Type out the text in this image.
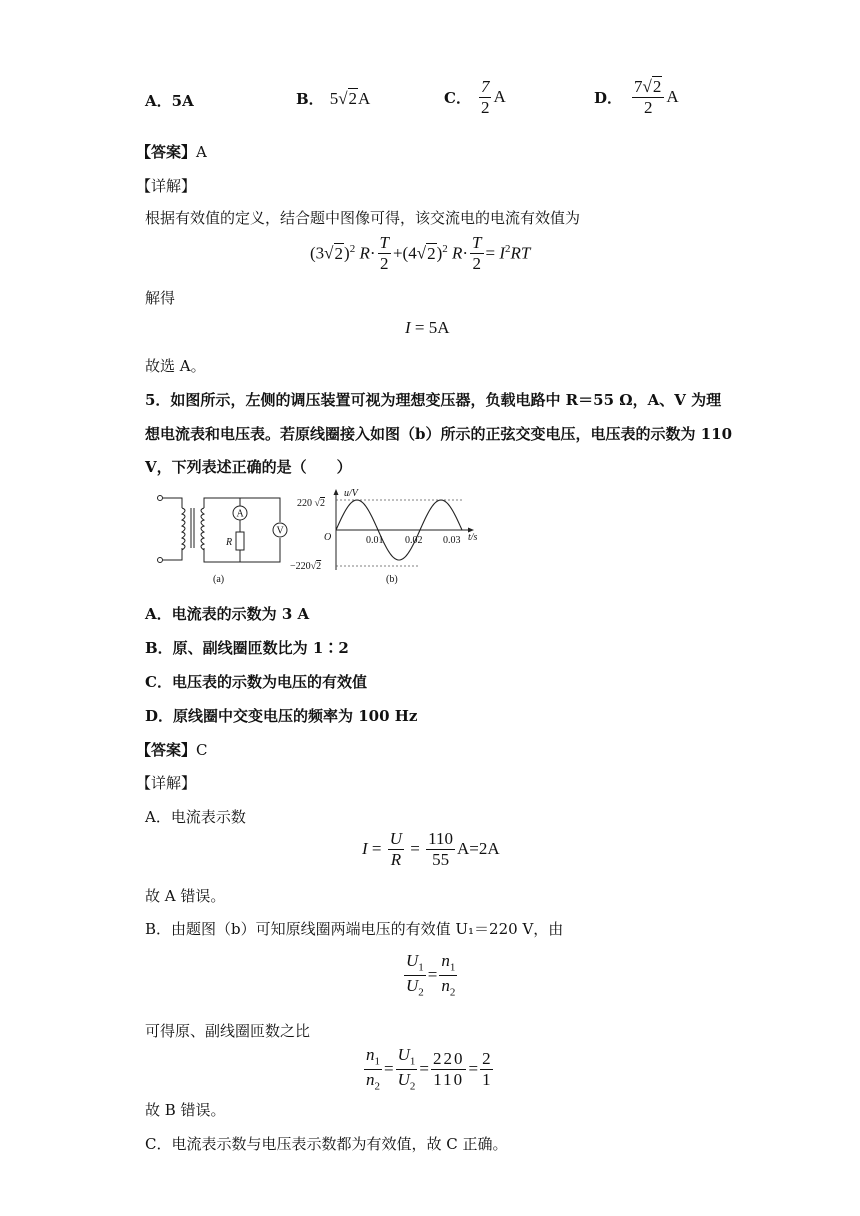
A．5A	B． 5√2A	C． $\frac{7}{2}$ A	D． $\frac{7√2}{2}$ A
【答案】A
【详解】
根据有效值的定义，结合题中图像可得，该交流电的电流有效值为
$(3√2)^2$ $R\cdot \frac{T}{2} +(4√2)^2$ $R\cdot \frac{T}{2} = I^2RT$
解得
I = 5A
故选 A。
5．如图所示，左侧的调压装置可视为理想变压器，负载电路中 R＝55 Ω，A、V 为理
想电流表和电压表。若原线圈接入如图（b）所示的正弦交变电压，电压表的示数为 110
V，下列表述正确的是（　　）
A
V
R
(a)
u/V
t/s
O	0.01 0.02 0.03
220 √2
−220√2
(b)
A．电流表的示数为 3 A
B．原、副线圈匝数比为 1∶2
C．电压表的示数为电压的有效值
D．原线圈中交变电压的频率为 100 Hz
【答案】C
【详解】
A．电流表示数
$I = \frac{U}{R} = \frac{110}{55} A=2A$
故 A 错误。
B．由题图（b）可知原线圈两端电压的有效值 U₁＝220 V，由
$\frac{U_1}{U_2} = \frac{n_1}{n_2}$
可得原、副线圈匝数之比
$\frac{n_1}{n_2} = \frac{U_1}{U_2} = \frac{220}{110} = \frac{2}{1}$
故 B 错误。
C．电流表示数与电压表示数都为有效值，故 C 正确。
